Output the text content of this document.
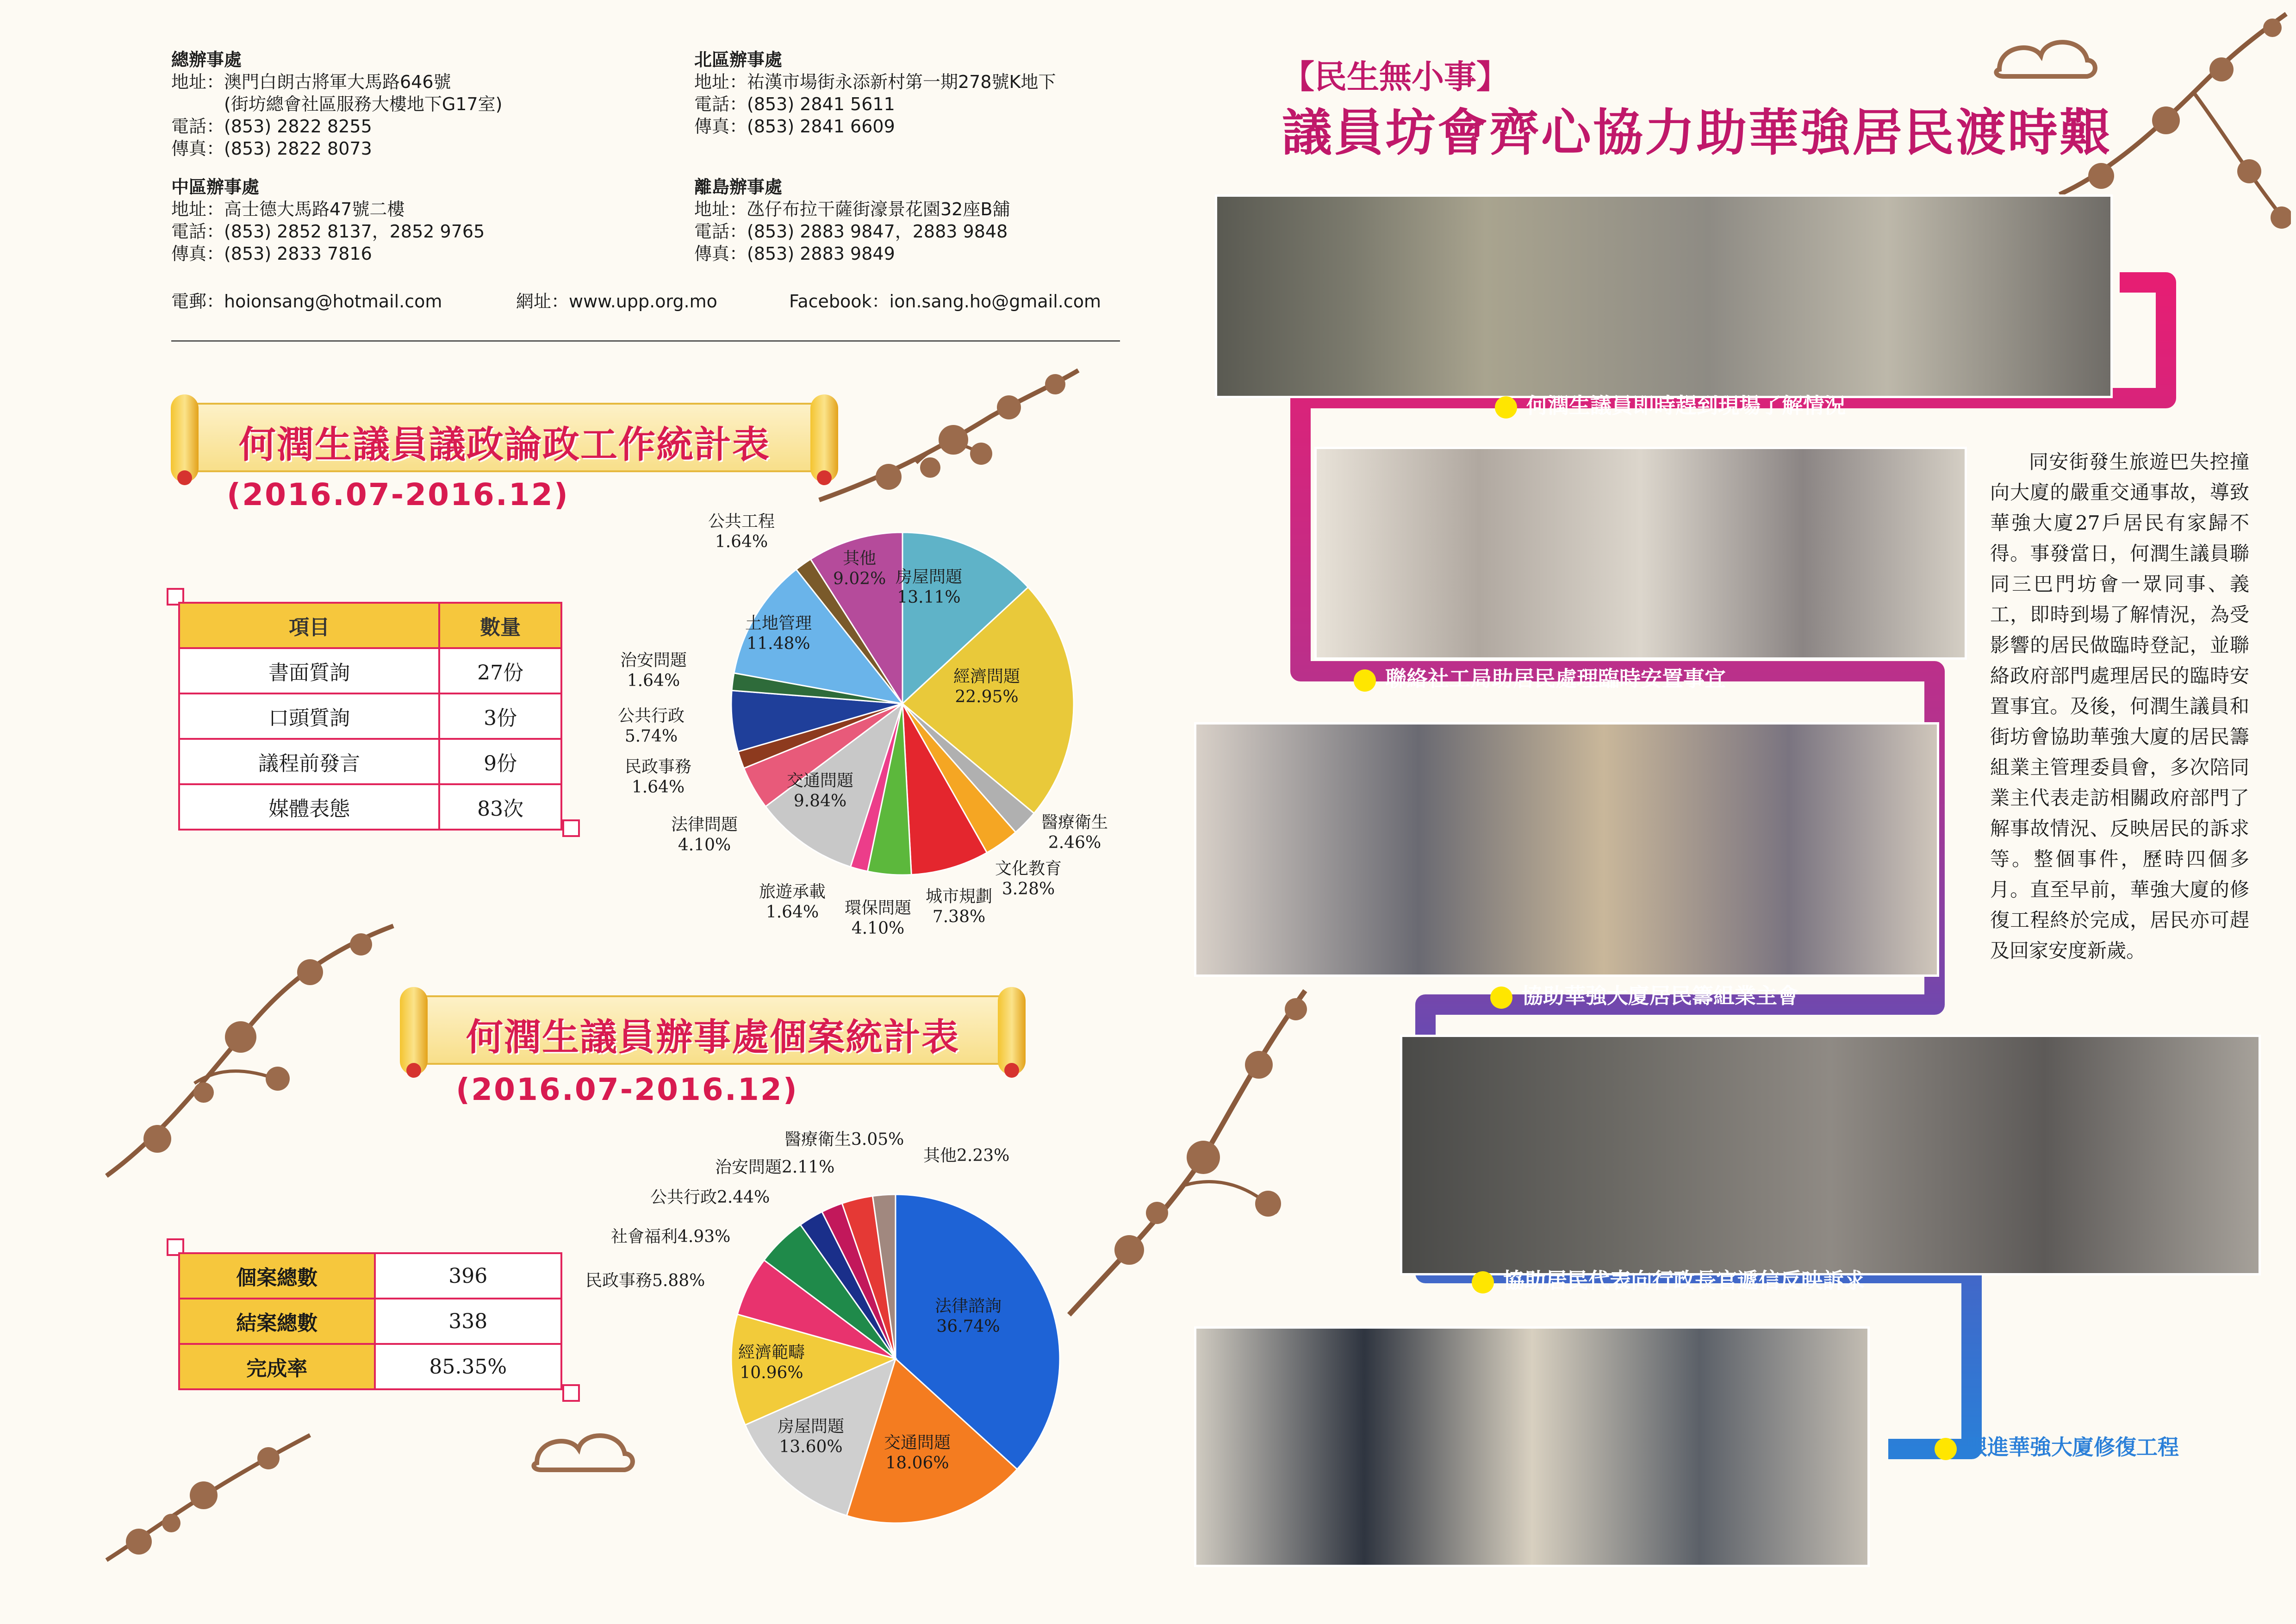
總辦事處
地址：澳門白朗古將軍大馬路646號
　　　(街坊總會社區服務大樓地下G17室)
電話：(853) 2822 8255
傳真：(853) 2822 8073
北區辦事處
地址：祐漢市場街永添新村第一期278號K地下
電話：(853) 2841 5611
傳真：(853) 2841 6609
中區辦事處
地址：高士德大馬路47號二樓
電話：(853) 2852 8137，2852 9765
傳真：(853) 2833 7816
離島辦事處
地址：氹仔布拉干薩街濠景花園32座B舖
電話：(853) 2883 9847，2883 9848
傳真：(853) 2883 9849
電郵：hoionsang@hotmail.com	網址：www.upp.org.mo	Facebook：ion.sang.ho@gmail.com
何潤生議員議政論政工作統計表
(2016.07-2016.12)
項目	數量
書面質詢	27份
口頭質詢	3份
議程前發言	9份
媒體表態	83次
房屋問題
13.11%
經濟問題
22.95%
醫療衛生
2.46%
文化教育
3.28%
城市規劃
7.38%
環保問題
4.10%
旅遊承載
1.64%
交通問題
9.84%
法律問題
4.10%
民政事務
1.64%
公共行政
5.74%
治安問題
1.64%
土地管理
11.48%
公共工程
1.64%
其他
9.02%
何潤生議員辦事處個案統計表
(2016.07-2016.12)
個案總數	396
結案總數	338
完成率	85.35%
法律諮詢
36.74%
交通問題
18.06%
房屋問題
13.60%
經濟範疇
10.96%
民政事務5.88%
社會福利4.93%
公共行政2.44%
治安問題2.11%
醫療衛生3.05%
其他2.23%
【民生無小事】
議員坊會齊心協力助華強居民渡時艱
何潤生議員即時趕到現場了解情況
聯絡社工局助居民處理臨時安置事宜
協助華強大廈居民籌組業主會
協助居民代表向行政長官遞信反映訴求
跟進華強大廈修復工程
同安街發生旅遊巴失控撞向大廈的嚴重交通事故，導致華強大廈27戶居民有家歸不得。事發當日，何潤生議員聯同三巴門坊會一眾同事、義工，即時到場了解情況，為受影響的居民做臨時登記，並聯絡政府部門處理居民的臨時安置事宜。及後，何潤生議員和街坊會協助華強大廈的居民籌組業主管理委員會，多次陪同業主代表走訪相關政府部門了解事故情況、反映居民的訴求等。整個事件，歷時四個多月。直至早前，華強大廈的修復工程終於完成，居民亦可趕及回家安度新歲。
